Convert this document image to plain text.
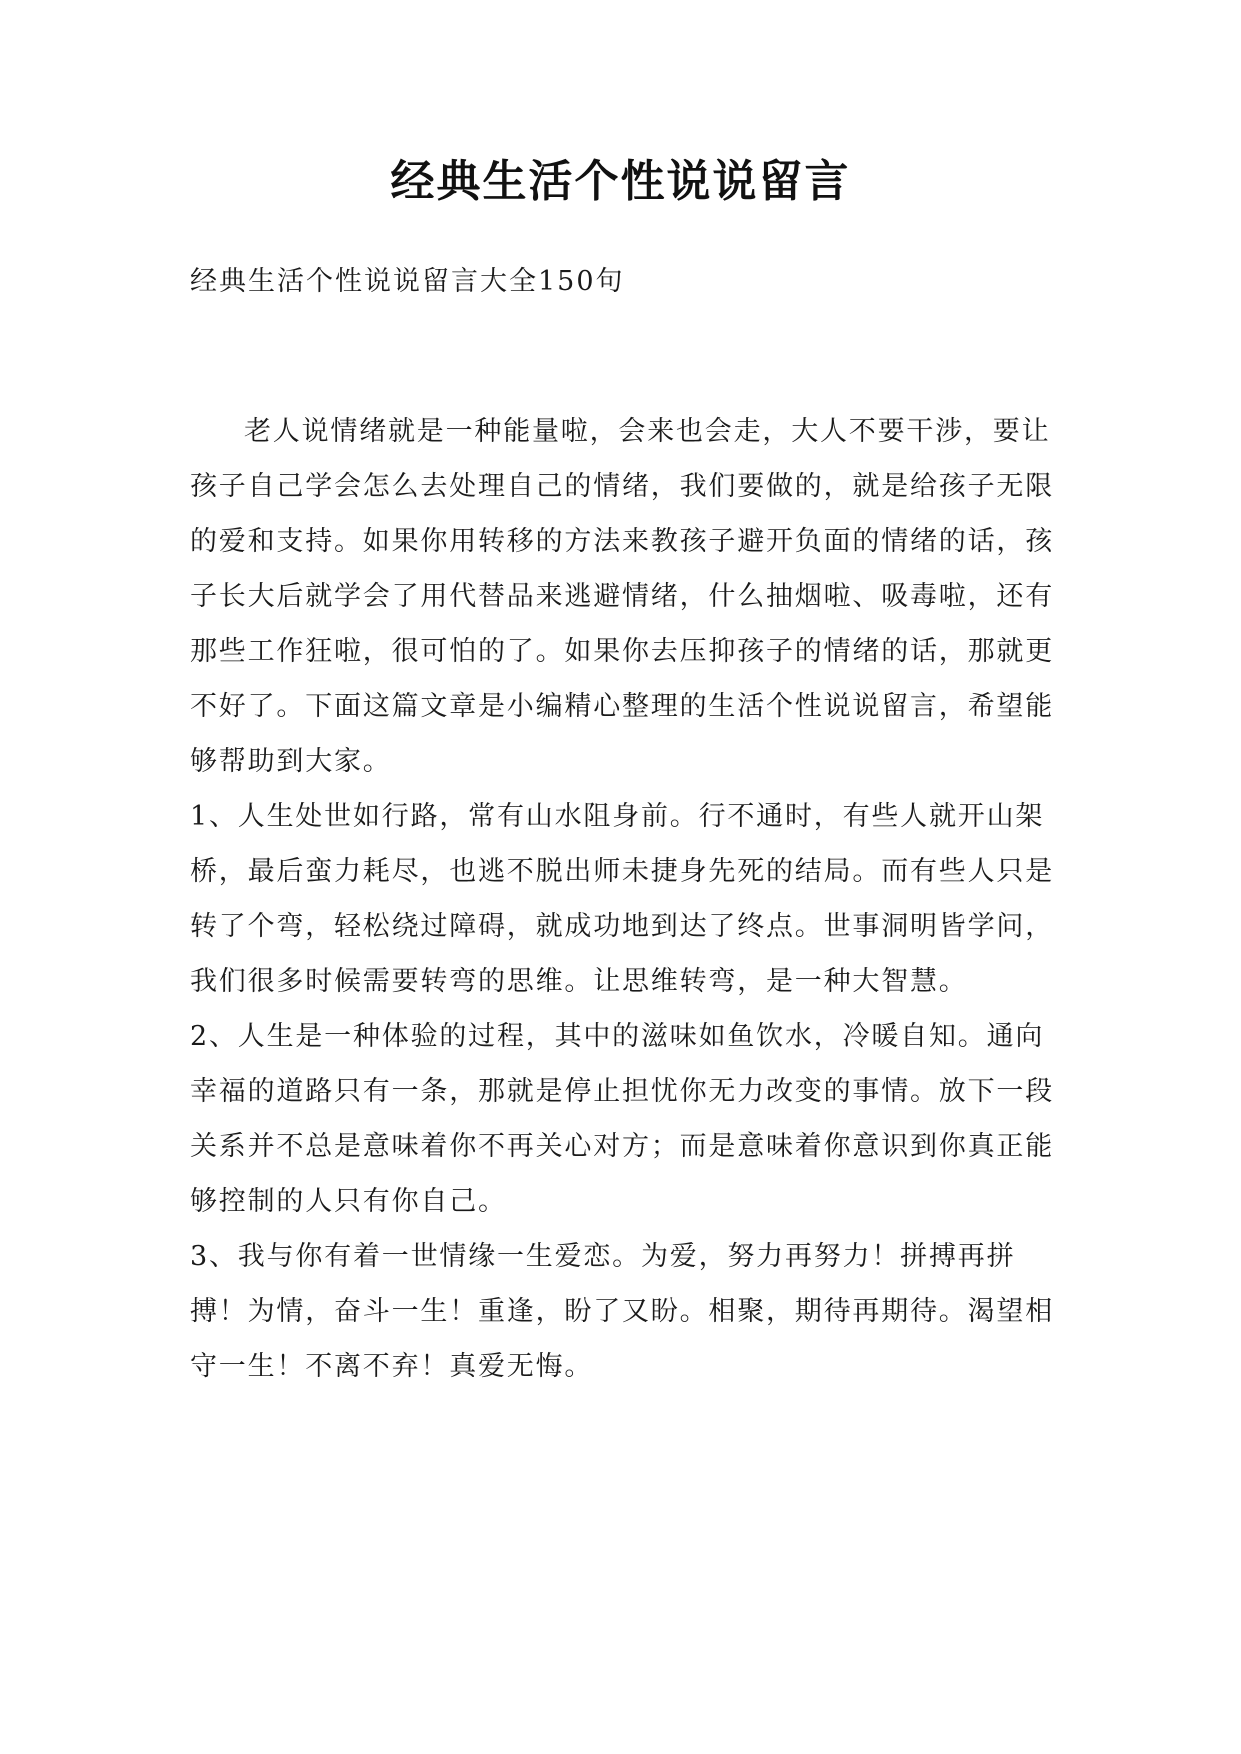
经典生活个性说说留言
经典生活个性说说留言大全150句

老人说情绪就是一种能量啦，会来也会走，大人不要干涉，要让孩子自己学会怎么去处理自己的情绪，我们要做的，就是给孩子无限的爱和支持。如果你用转移的方法来教孩子避开负面的情绪的话，孩子长大后就学会了用代替品来逃避情绪，什么抽烟啦、吸毒啦，还有那些工作狂啦，很可怕的了。如果你去压抑孩子的情绪的话，那就更不好了。下面这篇文章是小编精心整理的生活个性说说留言，希望能够帮助到大家。

1、人生处世如行路，常有山水阻身前。行不通时，有些人就开山架桥，最后蛮力耗尽，也逃不脱出师未捷身先死的结局。而有些人只是转了个弯，轻松绕过障碍，就成功地到达了终点。世事洞明皆学问，我们很多时候需要转弯的思维。让思维转弯，是一种大智慧。

2、人生是一种体验的过程，其中的滋味如鱼饮水，冷暖自知。通向幸福的道路只有一条，那就是停止担忧你无力改变的事情。放下一段关系并不总是意味着你不再关心对方；而是意味着你意识到你真正能够控制的人只有你自己。

3、我与你有着一世情缘一生爱恋。为爱，努力再努力！拼搏再拼搏！为情，奋斗一生！重逢，盼了又盼。相聚，期待再期待。渴望相守一生！不离不弃！真爱无悔。
